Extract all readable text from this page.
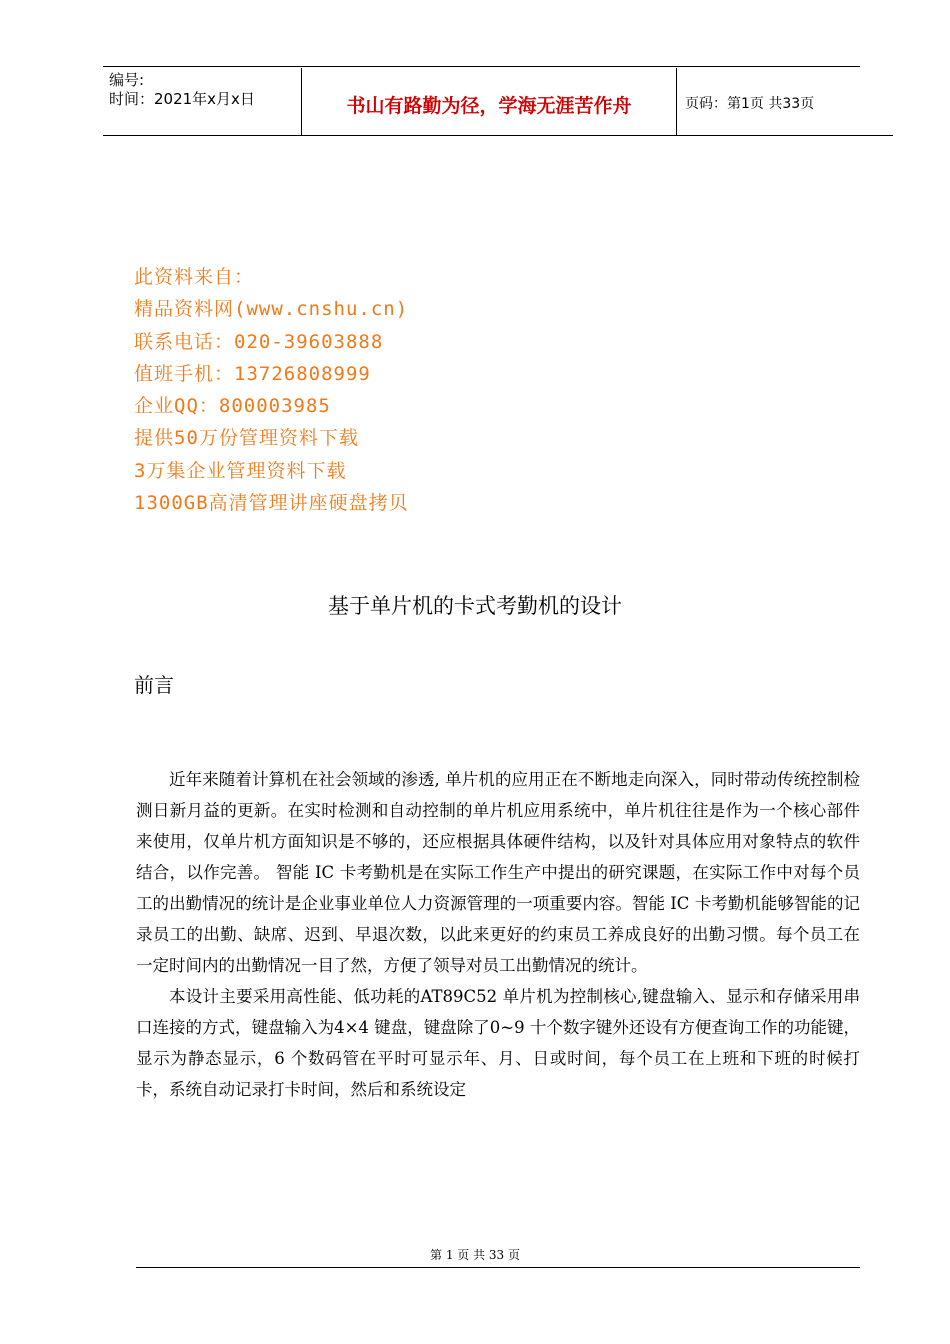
编号:
时间：2021年x月x日	书山有路勤为径，学海无涯苦作舟	页码：第1页 共33页
此资料来自：
精品资料网(www.cnshu.cn)
联系电话：020-39603888
值班手机：13726808999
企业QQ：800003985
提供50万份管理资料下载
3万集企业管理资料下载
1300GB高清管理讲座硬盘拷贝
基于单片机的卡式考勤机的设计
前言

近年来随着计算机在社会领域的渗透, 单片机的应用正在不断地走向深入，同时带动传统控制检测日新月益的更新。在实时检测和自动控制的单片机应用系统中，单片机往往是作为一个核心部件来使用，仅单片机方面知识是不够的，还应根据具体硬件结构，以及针对具体应用对象特点的软件结合，以作完善。 智能 IC 卡考勤机是在实际工作生产中提出的研究课题，在实际工作中对每个员工的出勤情况的统计是企业事业单位人力资源管理的一项重要内容。智能 IC 卡考勤机能够智能的记录员工的出勤、缺席、迟到、早退次数，以此来更好的约束员工养成良好的出勤习惯。每个员工在一定时间内的出勤情况一目了然，方便了领导对员工出勤情况的统计。

本设计主要采用高性能、低功耗的AT89C52 单片机为控制核心,键盘输入、显示和存储采用串口连接的方式，键盘输入为4×4 键盘，键盘除了0~9 十个数字键外还设有方便查询工作的功能键，显示为静态显示，6 个数码管在平时可显示年、月、日或时间，每个员工在上班和下班的时候打卡，系统自动记录打卡时间，然后和系统设定

第 1 页 共 33 页
